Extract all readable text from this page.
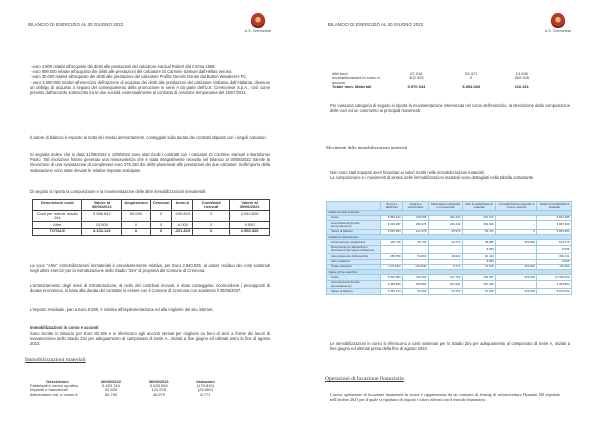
BILANCIO DI ESERCIZIO AL 30 GIUGNO 2022
U.S. Cremonese
- euro 4.500 relativi all'acquisto dei diritti alle prestazioni del calciatore Aanical Robert dal Crema 1908.
- euro 599.000 relativi all'acquisto dei diritti alle prestazioni del calciatore Di Carmine Samuel dall'Hellas Verona.
- euro 30.000 relativi all'acquisto dei diritti alle prestazioni del calciatore Profilic Dennis Dorian dal Bolton Wanderers FC.
- euro 3.000.000 relativi all'esercizio dell'opzione di acquisto dei diritti alle prestazioni del calciatore Valzania dall'Atalanta, divenuto un obbligo di acquisto a seguito del conseguimento della promozione in serie A da parte dell'U.S. Cremonese S.p.A., così come previsto dall'accordo sottoscritto tra le due società contestualmente al contratto di cessione temporanea del 16/07/2021.
Il valore di bilancio è esposto al netto dei relativi ammortamenti, conteggiati sulla durata dei contratti stipulati con i singoli calciatori.
Si segnala inoltre che in data 31/08/2022 e 1/09/2022 sono stati risolti i contratti con i calciatori Di Carmine Samuel e Bartolomei Paolo. Tali risoluzioni hanno generato una minusvalenza che è stata integralmente recepita nel bilancio al 30/06/2022 tramite la rilevazione di una svalutazione di complessivi euro 275.150 dei diritti pluriennali alle prestazioni dei due calciatori. Sull'importo della svalutazione sono state rilevate le relative imposte anticipate.
Di seguito si riporta la composizione e la movimentazione delle altre immobilizzazioni immateriali:
Descrizione costi	Valore al 30/06/2021	Acquisizioni	Cessioni	Amm.ti	Contributi ricevuti	Valore al 30/06/2022
Costi per ristrutt. stadio Zini	3.086.642	50.000	0	-195.815	0	2.940.826
Altre	15.500	0	0	-6.000	0	9.500
TOTALE	3.102.142	0	0	-201.815	0	2.950.326
La voce "Altre" immobilizzazioni immateriali è prevalentemente relativa, per Euro 2.940.826, al valore residuo dei costi sostenuti negli ultimi esercizi per la ristrutturazione dello Stadio "Zini" di proprietà del Comune di Cremona.
L'ammortamento degli oneri di ristrutturazione, al netto dei contributi ricevuti, è stato conteggiato, ricorrendone i presupposti di durata economica, in base alla durata del contratto in essere con il Comune di Cremona con scadenza il 30/06/2037.
L'importo residuale, pari a Euro 9.500, è relativo all'implementazione ed alla migliorie del sito internet.
Immobilizzazioni in corso e acconti
Sono iscritte in bilancio per Euro 80.166 e si riferiscono agli acconti versati per migliorie su beni di terzi a fronte dei lavori di manutenzione dello Stadio Zini per adeguamento al campionato di Serie A., iniziati a fine giugno ed ultimati entro la fine di agosto 2022.
Immobilizzazioni materiali
Descrizione	30/06/2022	30/06/2021	Variazioni
Fabbricati e centro sportivo	5.453.744	5.633.554	(179.810)
Impianti e macchinari	92.509	121.578	(29.069)
Attrezzature ind. e comm.li	54.750	45.979	8.771
BILANCIO DI ESERCIZIO AL 30 GIUGNO 2022
U.S. Cremonese
Altri beni	67.016	53.471	13.545
Immobilizzazioni in corso e acconti	302.925	0	302.925
Totale Imm. Materiali	5.970.944	5.854.583	116.361
Per ciascuna categoria di seguito si riporta la movimentazione intervenuta nel corso dell'esercizio, la descrizione della composizione delle voci ed un commento ai principali movimenti.
Movimenti delle immobilizzazioni materiali
Non sono stati imputati oneri finanziari ai valori iscritti nelle immobilizzazioni materiali.
La composizione e i movimenti di sintesi delle immobilizzazioni materiali sono dettagliati nella tabella sottostante.
	Terreni e fabbricati	Impianti e macchinario	Attrezzature industriali e commerciali	Altre immobilizzazioni materiali	Immobilizzazioni materiali in corso e acconti	Totale Immobilizzazioni materiali
Valore di inizio esercizio						
Costo	8.893.613	415.058	292.420	410.672	-	9.821.388
Ammortamenti (Fondo ammortamento)	3.030.287	296.078	246.440	363.001	-	3.967.290
Valore di bilancio	5.633.554	121.578	45.979	53.471	0	5.854.582
Variazioni nell'esercizio						
Incrementi per acquisizioni	105.749	25.730	33.273	46.980	302.925	514.675
Decrementi per alienazioni e dismissioni (del valore di bilancio)	-	-	-	8.655	-	8.655
Ammortamento dell'esercizio	285.559	54.800	18.622	32.420	-	396.241
Altre variazioni	-	-	-	8.655	-	8.655
Totale variazioni	(179.810)	(29.069)	8.771	13.545	302.925	116.362
Valore di fine esercizio						
Costo	8.902.583	440.392	317.729	454.097	302.925	10.436.620
Ammortamenti (Fondo ammortamento)	3.448.839	355.893	262.981	387.030	-	4.353.883
Valore di bilancio	5.453.744	92.509	54.750	67.016	302.925	5.970.944
Le immobilizzazioni in corso si riferiscono a costi sostenuti per lo Stadio Zini per adeguamento al campionato di Serie A, iniziati a fine giugno ed ultimati prima della fine di agosto 2022.
Operazioni di locazione finanziaria
L'unica operazione di locazione finanziaria in essere è rappresentata da un contratto di leasing di un'autovettura Hyundai I30 stipulato nell'ottobre 2021 per il quale si riportano di seguito i valori rilevati con il metodo finanziario.
